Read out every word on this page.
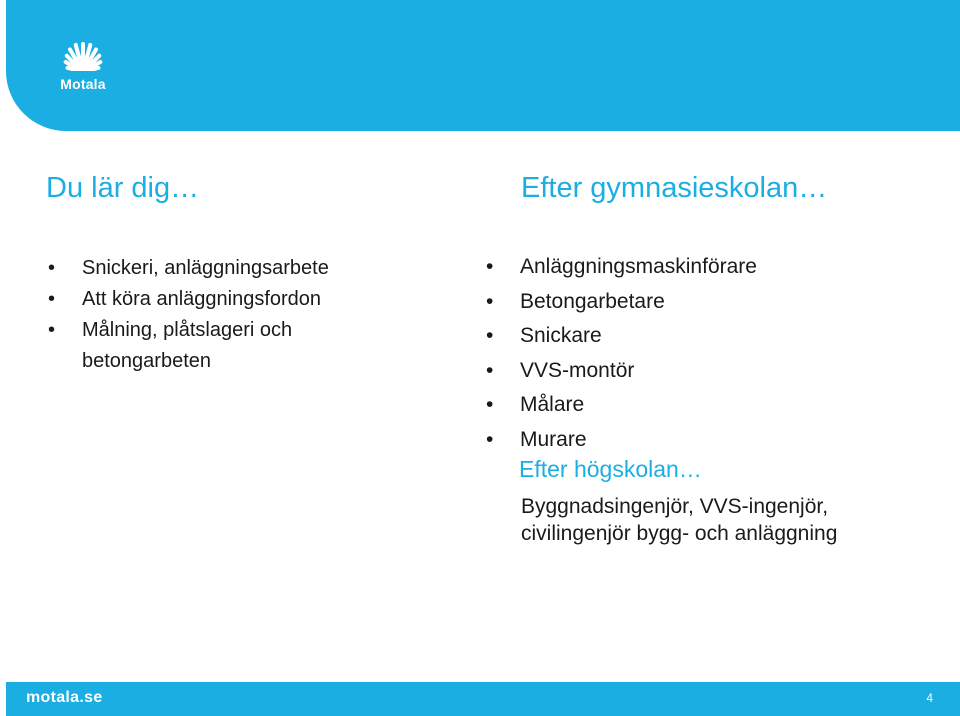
Motala
Du lär dig…
• Snickeri, anläggningsarbete
• Att köra anläggningsfordon
• Målning, plåtslageri och betongarbeten
Efter gymnasieskolan…
• Anläggningsmaskinförare
• Betongarbetare
• Snickare
• VVS-montör
• Målare
• Murare
Efter högskolan…

Byggnadsingenjör, VVS-ingenjör, civilingenjör bygg- och anläggning

motala.se	4
